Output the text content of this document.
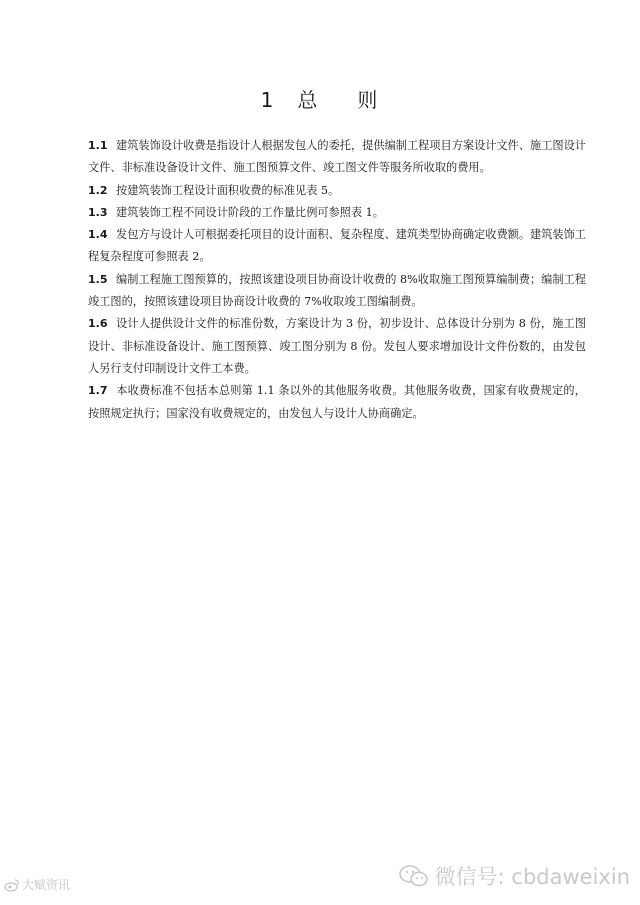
1 总 则

1.1 建筑装饰设计收费是指设计人根据发包人的委托，提供编制工程项目方案设计文件、施工图设计文件、非标准设备设计文件、施工图预算文件、竣工图文件等服务所收取的费用。

1.2 按建筑装饰工程设计面积收费的标准见表 5。

1.3 建筑装饰工程不同设计阶段的工作量比例可参照表 1。

1.4 发包方与设计人可根据委托项目的设计面积、复杂程度、建筑类型协商确定收费额。建筑装饰工程复杂程度可参照表 2。

1.5 编制工程施工图预算的，按照该建设项目协商设计收费的 8%收取施工图预算编制费；编制工程竣工图的，按照该建设项目协商设计收费的 7%收取竣工图编制费。

1.6 设计人提供设计文件的标准份数，方案设计为 3 份，初步设计、总体设计分别为 8 份，施工图设计、非标准设备设计、施工图预算、竣工图分别为 8 份。发包人要求增加设计文件份数的，由发包人另行支付印制设计文件工本费。

1.7 本收费标准不包括本总则第 1.1 条以外的其他服务收费。其他服务收费，国家有收费规定的，按照规定执行；国家没有收费规定的，由发包人与设计人协商确定。

大赋资讯	微信号: cbdaweixin
